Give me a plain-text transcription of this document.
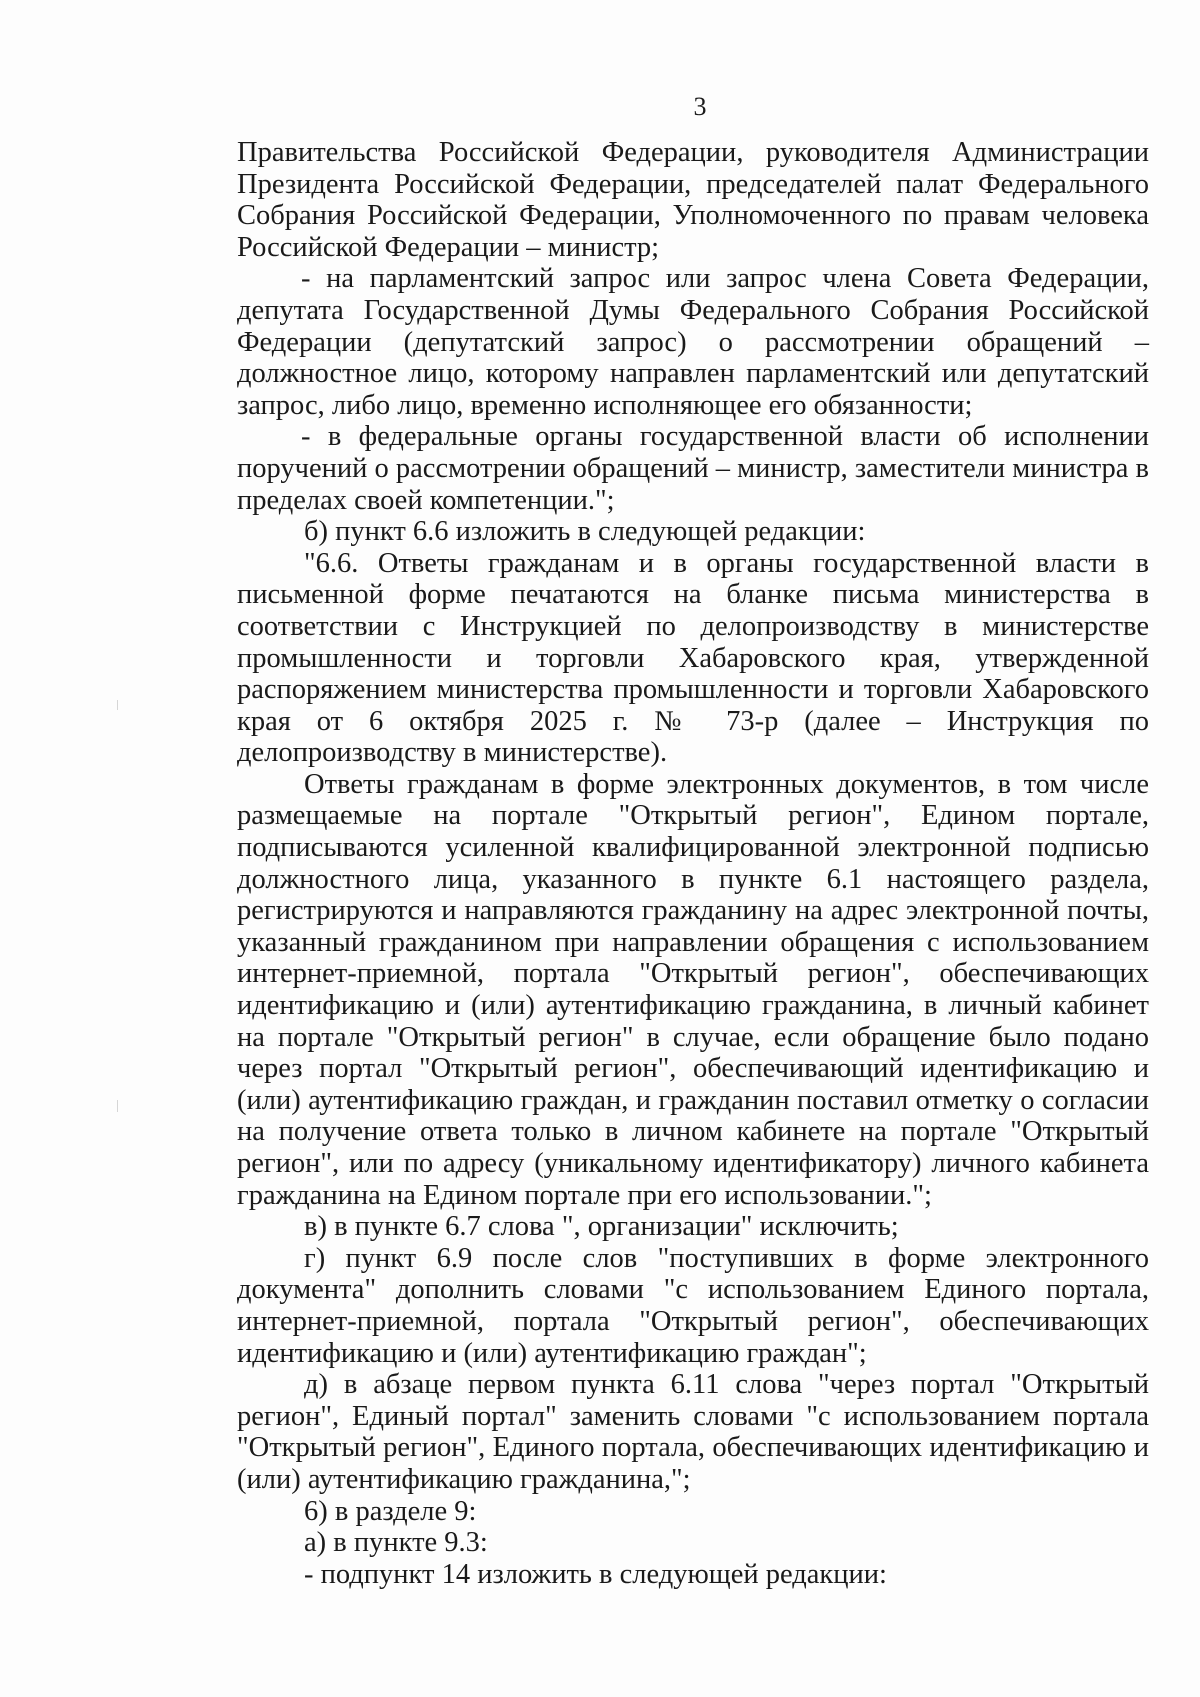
3

Правительства Российской Федерации, руководителя Администрации Президента Российской Федерации, председателей палат Федерального Собрания Российской Федерации, Уполномоченного по правам человека Российской Федерации – министр;

- на парламентский запрос или запрос члена Совета Федерации, депутата Государственной Думы Федерального Собрания Российской Федерации (депутатский запрос) о рассмотрении обращений – должностное лицо, которому направлен парламентский или депутатский запрос, либо лицо, временно исполняющее его обязанности;

- в федеральные органы государственной власти об исполнении поручений о рассмотрении обращений – министр, заместители министра в пределах своей компетенции.";

б) пункт 6.6 изложить в следующей редакции:

"6.6. Ответы гражданам и в органы государственной власти в письменной форме печатаются на бланке письма министерства в соответствии с Инструкцией по делопроизводству в министерстве промышленности и торговли Хабаровского края, утвержденной распоряжением министерства промышленности и торговли Хабаровского края от 6 октября 2025 г. № 73-р (далее – Инструкция по делопроизводству в министерстве).

Ответы гражданам в форме электронных документов, в том числе размещаемые на портале "Открытый регион", Едином портале, подписываются усиленной квалифицированной электронной подписью должностного лица, указанного в пункте 6.1 настоящего раздела, регистрируются и направляются гражданину на адрес электронной почты, указанный гражданином при направлении обращения с использованием интернет-приемной, портала "Открытый регион", обеспечивающих идентификацию и (или) аутентификацию гражданина, в личный кабинет на портале "Открытый регион" в случае, если обращение было подано через портал "Открытый регион", обеспечивающий идентификацию и (или) аутентификацию граждан, и гражданин поставил отметку о согласии на получение ответа только в личном кабинете на портале "Открытый регион", или по адресу (уникальному идентификатору) личного кабинета гражданина на Едином портале при его использовании.";

в) в пункте 6.7 слова ", организации" исключить;

г) пункт 6.9 после слов "поступивших в форме электронного документа" дополнить словами "с использованием Единого портала, интернет-приемной, портала "Открытый регион", обеспечивающих идентификацию и (или) аутентификацию граждан";

д) в абзаце первом пункта 6.11 слова "через портал "Открытый регион", Единый портал" заменить словами "с использованием портала "Открытый регион", Единого портала, обеспечивающих идентификацию и (или) аутентификацию гражданина,";

6) в разделе 9:

а) в пункте 9.3:

- подпункт 14 изложить в следующей редакции:
